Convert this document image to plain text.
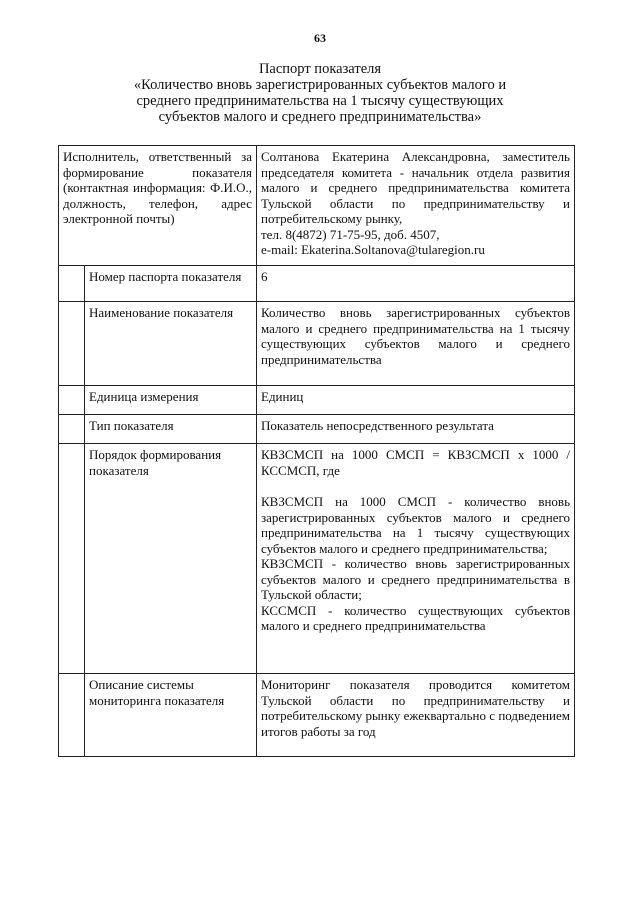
63
Паспорт показателя
«Количество вновь зарегистрированных субъектов малого и
среднего предпринимательства на 1 тысячу существующих
субъектов малого и среднего предпринимательства»
Исполнитель, ответственный за формирование показателя (контактная информация: Ф.И.О., должность, телефон, адрес электронной почты)		Солтанова Екатерина Александровна, заместитель председателя комитета - начальник отдела развития малого и среднего предпринимательства комитета Тульской области по предпринимательству и потребительскому рынку,
тел. 8(4872) 71-75-95, доб. 4507,
e-mail: Ekaterina.Soltanova@tularegion.ru

	Номер паспорта показателя	6
	Наименование показателя	Количество вновь зарегистрированных субъектов малого и среднего предпринимательства на 1 тысячу существующих субъектов малого и среднего предпринимательства
	Единица измерения	Единиц
	Тип показателя	Показатель непосредственного результата
	Порядок формирования показателя	КВЗСМСП на 1000 СМСП = КВЗСМСП х 1000 / КССМСП, где
КВЗСМСП на 1000 СМСП - количество вновь зарегистрированных субъектов малого и среднего предпринимательства на 1 тысячу существующих субъектов малого и среднего предпринимательства;
КВЗСМСП - количество вновь зарегистрированных субъектов малого и среднего предпринимательства в Тульской области;
КССМСП - количество существующих субъектов малого и среднего предпринимательства

	Описание системы мониторинга показателя	Мониторинг показателя проводится комитетом Тульской области по предпринимательству и потребительскому рынку ежеквартально с подведением итогов работы за год
